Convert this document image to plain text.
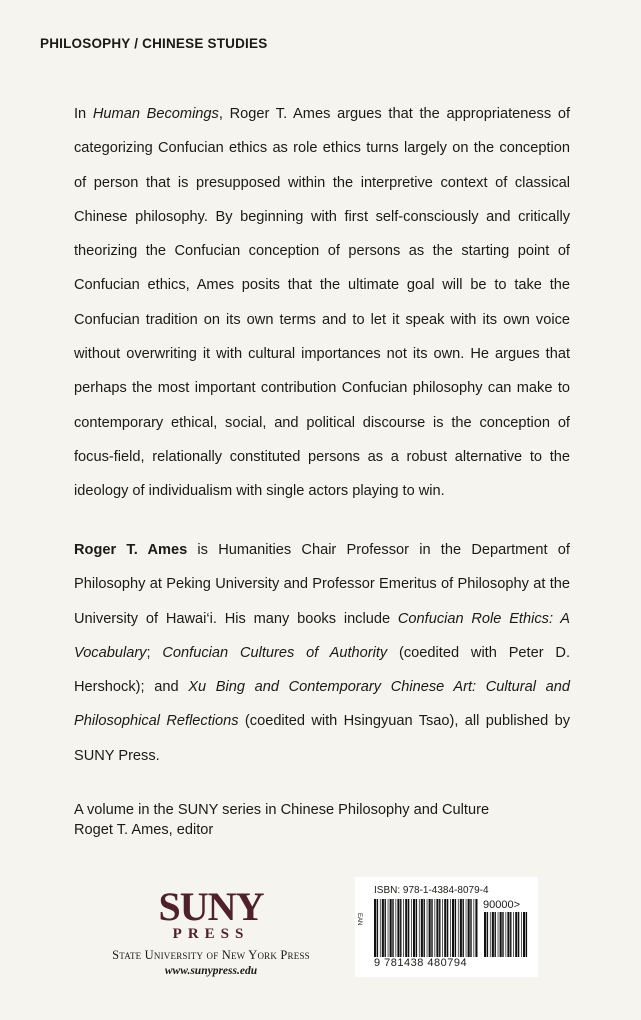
PHILOSOPHY / CHINESE STUDIES

In Human Becomings, Roger T. Ames argues that the appropriateness of categorizing Confucian ethics as role ethics turns largely on the conception of person that is presupposed within the interpretive context of classical Chinese philosophy. By beginning with first self-consciously and critically theorizing the Confucian conception of persons as the starting point of Confucian ethics, Ames posits that the ultimate goal will be to take the Confucian tradition on its own terms and to let it speak with its own voice without overwriting it with cultural importances not its own. He argues that perhaps the most important contribution Confucian philosophy can make to contemporary ethical, social, and political discourse is the conception of focus-field, relationally constituted persons as a robust alternative to the ideology of individualism with single actors playing to win.

Roger T. Ames is Humanities Chair Professor in the Department of Philosophy at Peking University and Professor Emeritus of Philosophy at the University of Hawai‘i. His many books include Confucian Role Ethics: A Vocabulary; Confucian Cultures of Authority (coedited with Peter D. Hershock); and Xu Bing and Contemporary Chinese Art: Cultural and Philosophical Reflections (coedited with Hsingyuan Tsao), all published by SUNY Press.

A volume in the SUNY series in Chinese Philosophy and Culture
Roget T. Ames, editor
SUNY
PRESS
State University of New York Press
www.sunypress.edu
EAN
ISBN: 978-1-4384-8079-4
90000>
9 781438 480794
